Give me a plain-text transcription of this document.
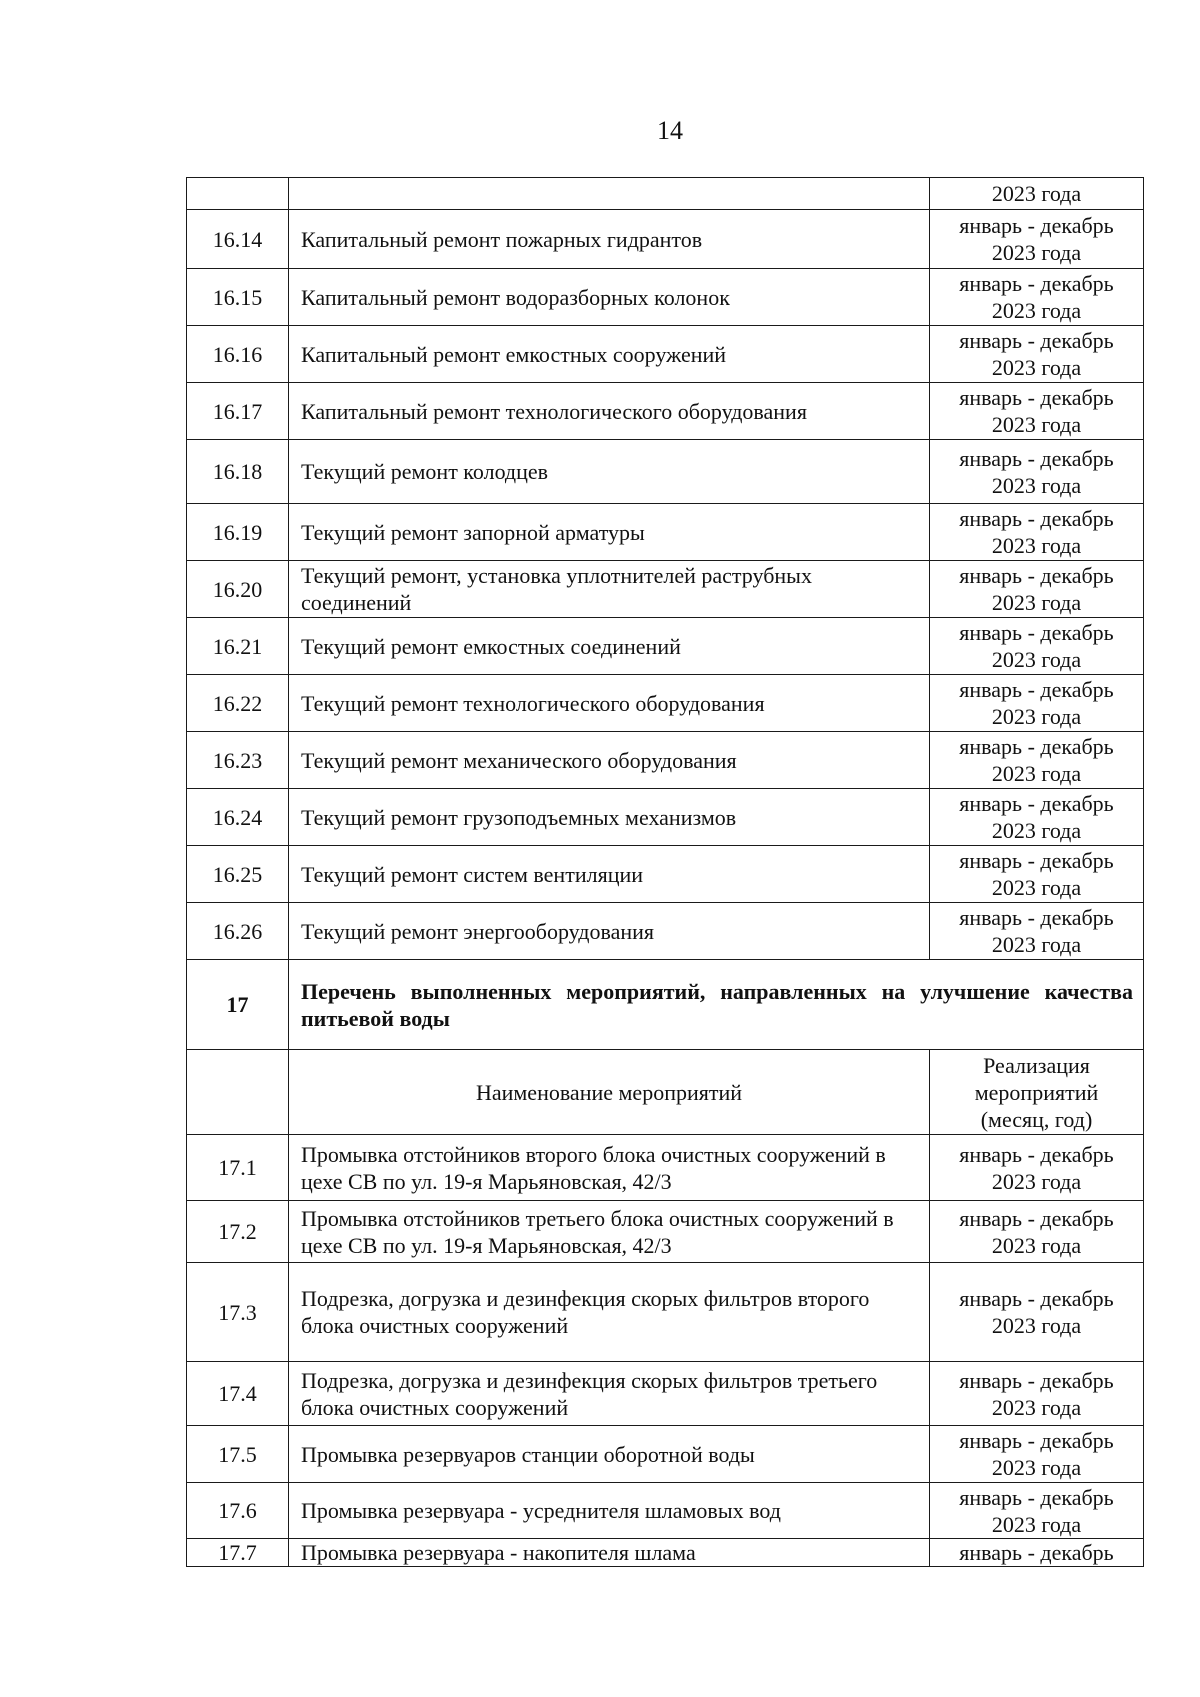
14
		2023 года
16.14	Капитальный ремонт пожарных гидрантов	январь - декабрь 2023 года
16.15	Капитальный ремонт водоразборных колонок	январь - декабрь 2023 года
16.16	Капитальный ремонт емкостных сооружений	январь - декабрь 2023 года
16.17	Капитальный ремонт технологического оборудования	январь - декабрь 2023 года
16.18	Текущий ремонт колодцев	январь - декабрь 2023 года
16.19	Текущий ремонт запорной арматуры	январь - декабрь 2023 года
16.20	Текущий ремонт, установка уплотнителей раструбных соединений	январь - декабрь 2023 года
16.21	Текущий ремонт емкостных соединений	январь - декабрь 2023 года
16.22	Текущий ремонт технологического оборудования	январь - декабрь 2023 года
16.23	Текущий ремонт механического оборудования	январь - декабрь 2023 года
16.24	Текущий ремонт грузоподъемных механизмов	январь - декабрь 2023 года
16.25	Текущий ремонт систем вентиляции	январь - декабрь 2023 года
16.26	Текущий ремонт энергооборудования	январь - декабрь 2023 года
17	Перечень выполненных мероприятий, направленных на улучшение качества питьевой воды	
	Наименование мероприятий	Реализация мероприятий (месяц, год)
17.1	Промывка отстойников второго блока очистных сооружений в цехе СВ по ул. 19-я Марьяновская, 42/3	январь - декабрь 2023 года
17.2	Промывка отстойников третьего блока очистных сооружений в цехе СВ по ул. 19-я Марьяновская, 42/3	январь - декабрь 2023 года
17.3	Подрезка, догрузка и дезинфекция скорых фильтров второго блока очистных сооружений	январь - декабрь 2023 года
17.4	Подрезка, догрузка и дезинфекция скорых фильтров третьего блока очистных сооружений	январь - декабрь 2023 года
17.5	Промывка резервуаров станции оборотной воды	январь - декабрь 2023 года
17.6	Промывка резервуара - усреднителя шламовых вод	январь - декабрь 2023 года
17.7	Промывка резервуара - накопителя шлама	январь - декабрь
